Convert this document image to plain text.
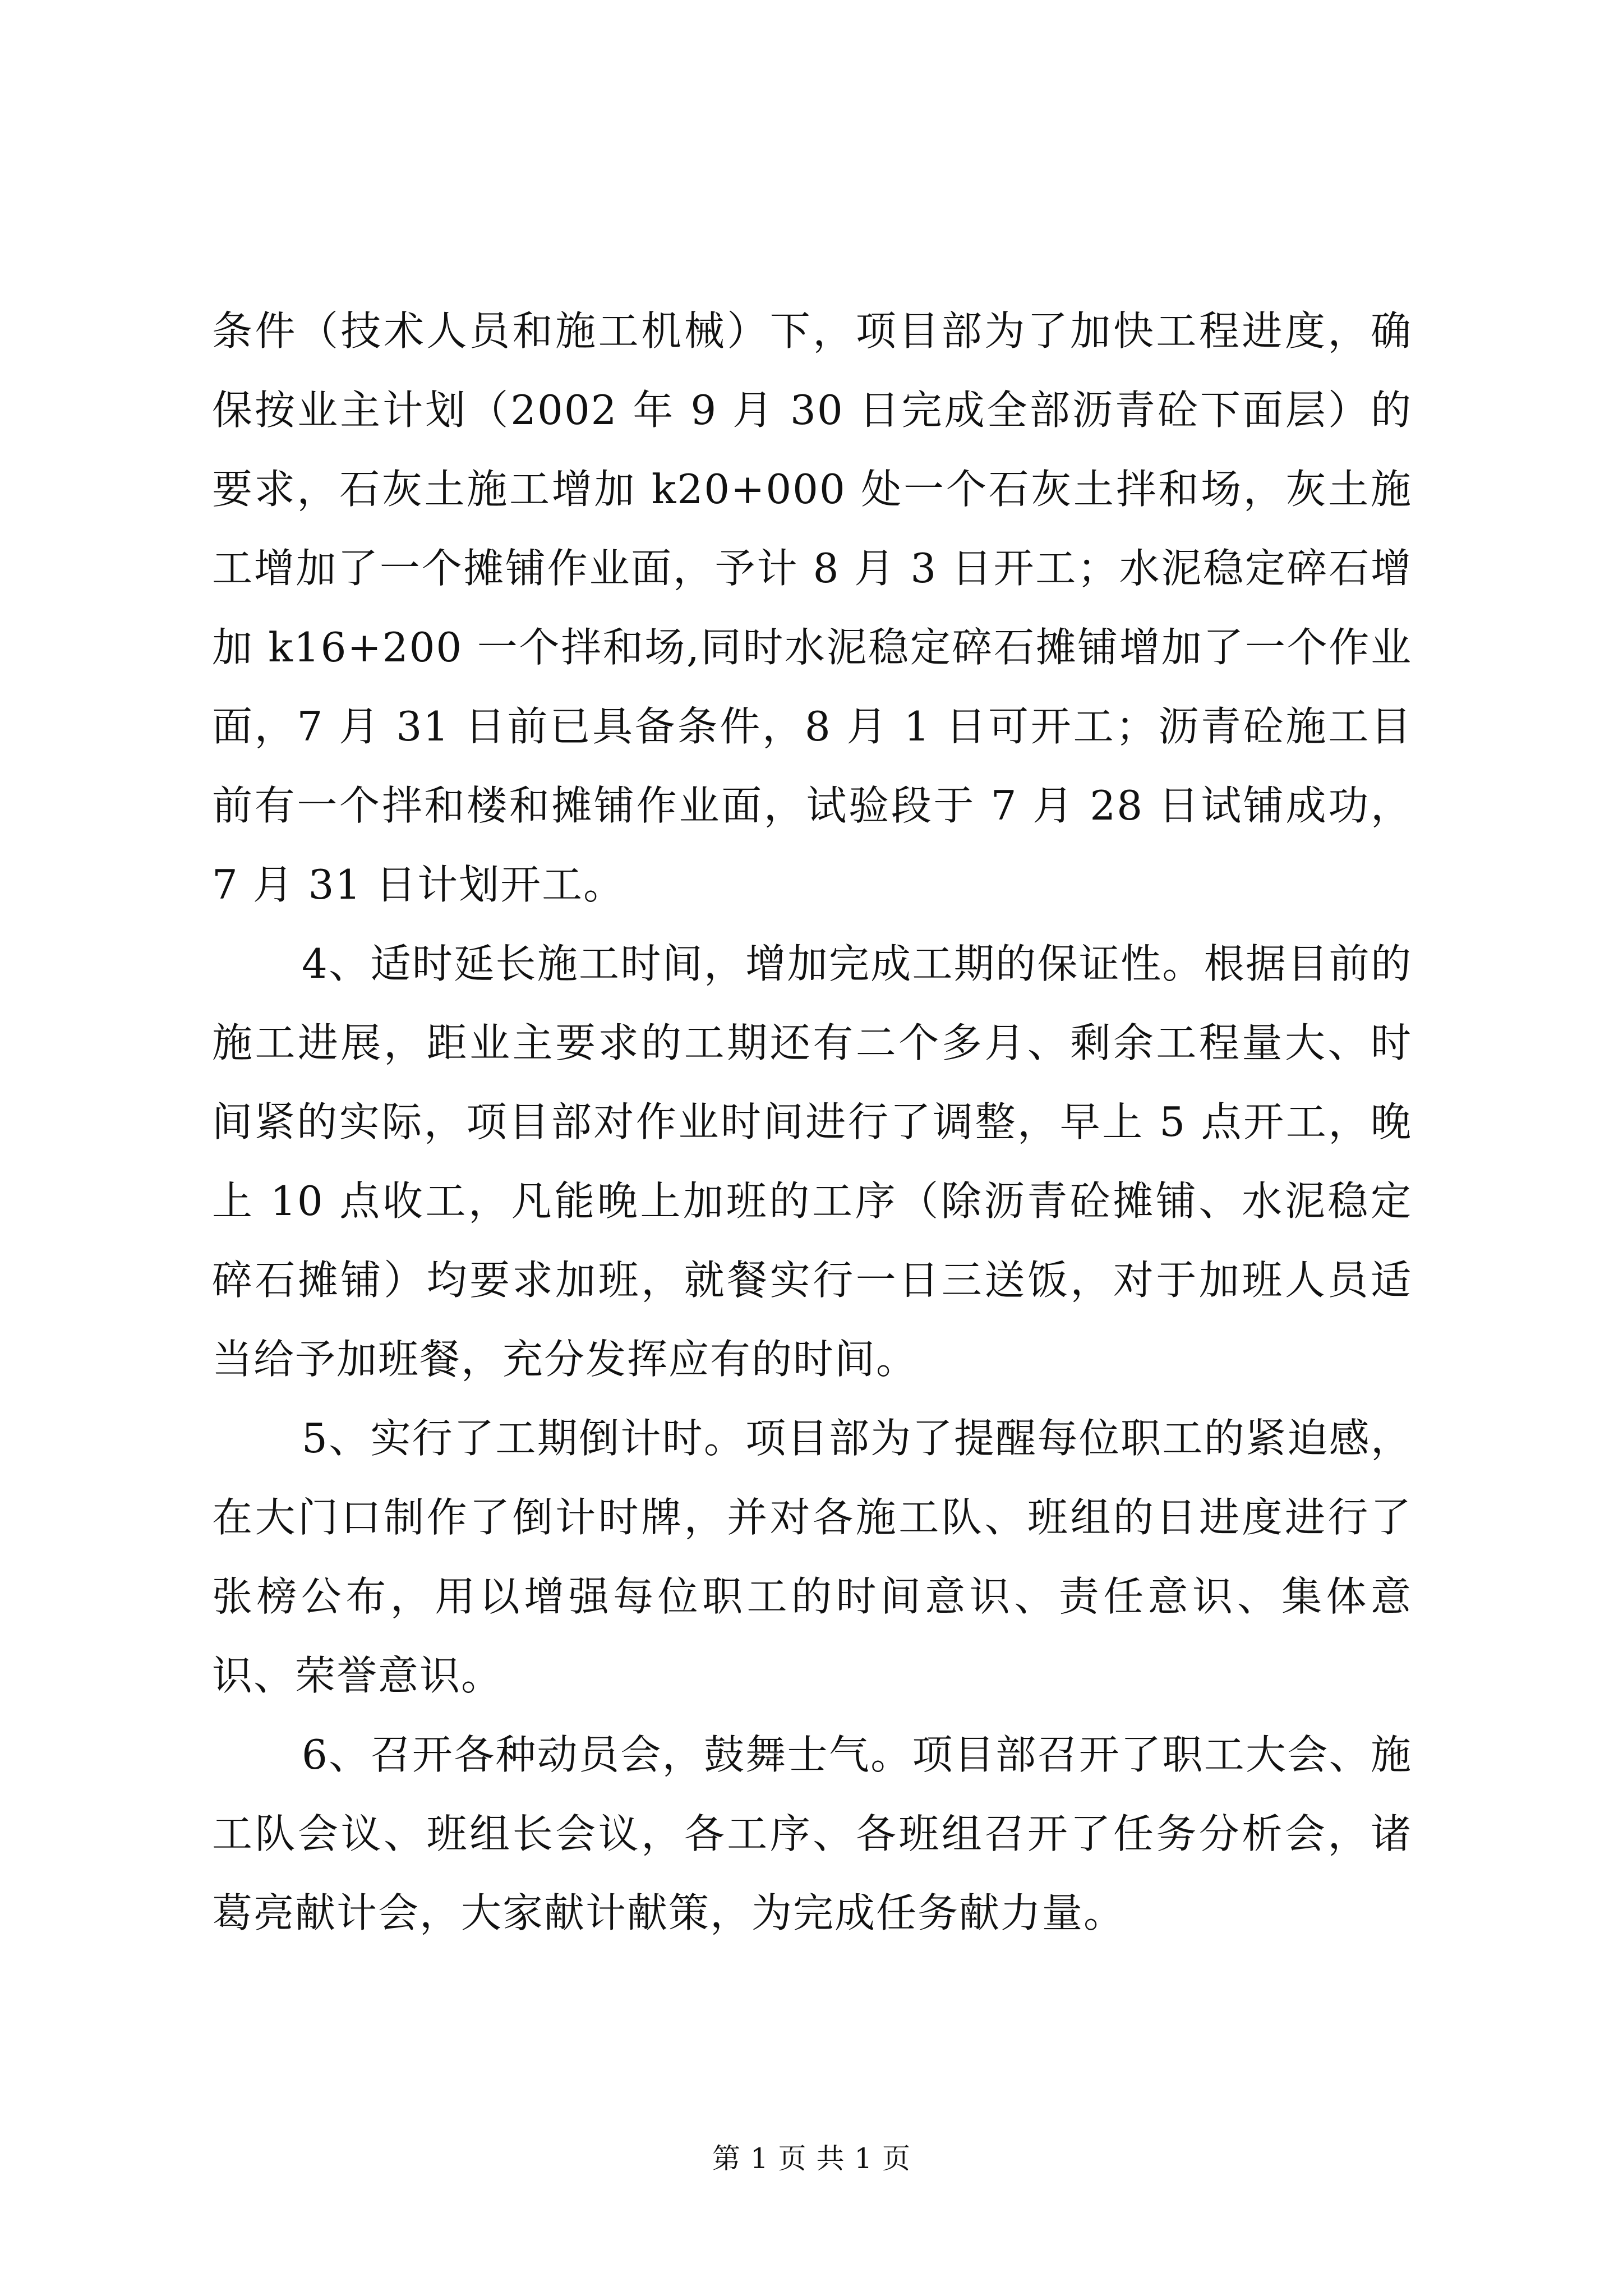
条件（技术人员和施工机械）下，项目部为了加快工程进度，确保按业主计划（2002 年 9 月 30 日完成全部沥青砼下面层）的要求，石灰土施工增加 k20+000 处一个石灰土拌和场，灰土施工增加了一个摊铺作业面，予计 8 月 3 日开工；水泥稳定碎石增加 k16+200 一个拌和场,同时水泥稳定碎石摊铺增加了一个作业面，7 月 31 日前已具备条件，8 月 1 日可开工；沥青砼施工目前有一个拌和楼和摊铺作业面，试验段于 7 月 28 日试铺成功，7 月 31 日计划开工。

4、适时延长施工时间，增加完成工期的保证性。根据目前的施工进展，距业主要求的工期还有二个多月、剩余工程量大、时间紧的实际，项目部对作业时间进行了调整，早上 5 点开工，晚上 10 点收工，凡能晚上加班的工序（除沥青砼摊铺、水泥稳定碎石摊铺）均要求加班，就餐实行一日三送饭，对于加班人员适当给予加班餐，充分发挥应有的时间。

5、实行了工期倒计时。项目部为了提醒每位职工的紧迫感，在大门口制作了倒计时牌，并对各施工队、班组的日进度进行了张榜公布，用以增强每位职工的时间意识、责任意识、集体意识、荣誉意识。

6、召开各种动员会，鼓舞士气。项目部召开了职工大会、施工队会议、班组长会议，各工序、各班组召开了任务分析会，诸葛亮献计会，大家献计献策，为完成任务献力量。

第 1 页 共 1 页
